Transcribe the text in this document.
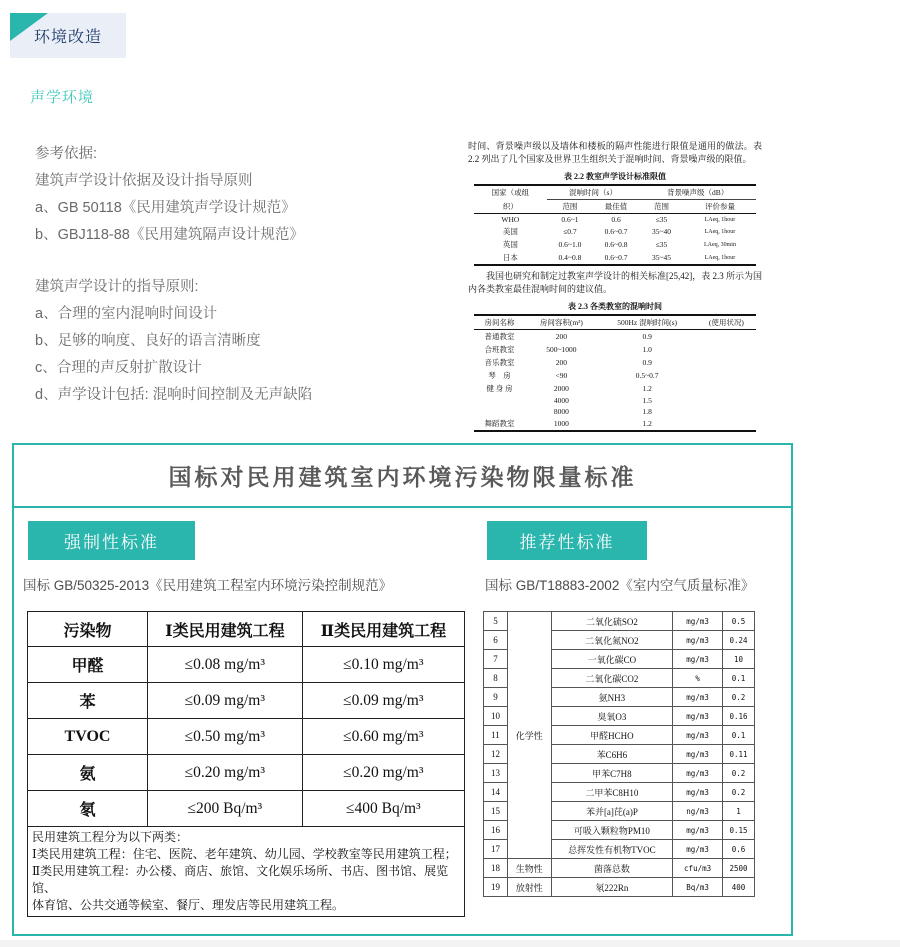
环境改造
声学环境
参考依据:
建筑声学设计依据及设计指导原则
a、GB 50118《民用建筑声学设计规范》
b、GBJ118-88《民用建筑隔声设计规范》
建筑声学设计的指导原则:
a、合理的室内混响时间设计
b、足够的响度、良好的语言清晰度
c、合理的声反射扩散设计
d、声学设计包括: 混响时间控制及无声缺陷

时间、背景噪声级以及墙体和楼板的隔声性能进行限值是通用的做法。表 2.2 列出了几个国家及世界卫生组织关于混响时间、背景噪声级的限值。

表 2.2 教室声学设计标准限值
国家（或组	混响时间（s）		背景噪声级（dB）	
织）	范围	最佳值	范围	评价参量
WHO	0.6~1	0.6	≤35	LAeq, 1hour
美国	≤0.7	0.6~0.7	35~40	LAeq, 1hour
英国	0.6~1.0	0.6~0.8	≤35	LAeq, 30min
日本	0.4~0.8	0.6~0.7	35~45	LAeq, 1hour

　　我国也研究和制定过教室声学设计的相关标准[25,42]，表 2.3 所示为国内各类教室最佳混响时间的建议值。

表 2.3 各类教室的混响时间
房间名称	房间容积(m³)	500Hz 混响时间(s)	(使用状况)
普通教室	200	0.9	
合班教室	500~1000	1.0	
音乐教室	200	0.9	
琴　房	<90	0.5~0.7	
健 身 房	2000	1.2	
	4000	1.5	
	8000	1.8	
舞蹈教室	1000	1.2	
国标对民用建筑室内环境污染物限量标准
强制性标准	推荐性标准
国标 GB/50325-2013《民用建筑工程室内环境污染控制规范》	国标 GB/T18883-2002《室内空气质量标准》
污染物	Ⅰ类民用建筑工程	Ⅱ类民用建筑工程
甲醛	≤0.08 mg/m³	≤0.10 mg/m³
苯	≤0.09 mg/m³	≤0.09 mg/m³
TVOC	≤0.50 mg/m³	≤0.60 mg/m³
氨	≤0.20 mg/m³	≤0.20 mg/m³
氡	≤200 Bq/m³	≤400 Bq/m³

民用建筑工程分为以下两类：
Ⅰ类民用建筑工程：住宅、医院、老年建筑、幼儿园、学校教室等民用建筑工程；
Ⅱ类民用建筑工程：办公楼、商店、旅馆、文化娱乐场所、书店、图书馆、展览馆、
体育馆、公共交通等候室、餐厅、理发店等民用建筑工程。		
5	化学性	二氧化硫SO2	mg/m3	0.5
6		二氧化氮NO2	mg/m3	0.24
7		一氧化碳CO	mg/m3	10
8		二氧化碳CO2	%	0.1
9		氨NH3	mg/m3	0.2
10		臭氧O3	mg/m3	0.16
11		甲醛HCHO	mg/m3	0.1
12		苯C6H6	mg/m3	0.11
13		甲苯C7H8	mg/m3	0.2
14		二甲苯C8H10	mg/m3	0.2
15		苯并[a]芘(a)P	ng/m3	1
16		可吸入颗粒物PM10	mg/m3	0.15
17		总挥发性有机物TVOC	mg/m3	0.6
18	生物性	菌落总数	cfu/m3	2500
19	放射性	氡222Rn	Bq/m3	400
